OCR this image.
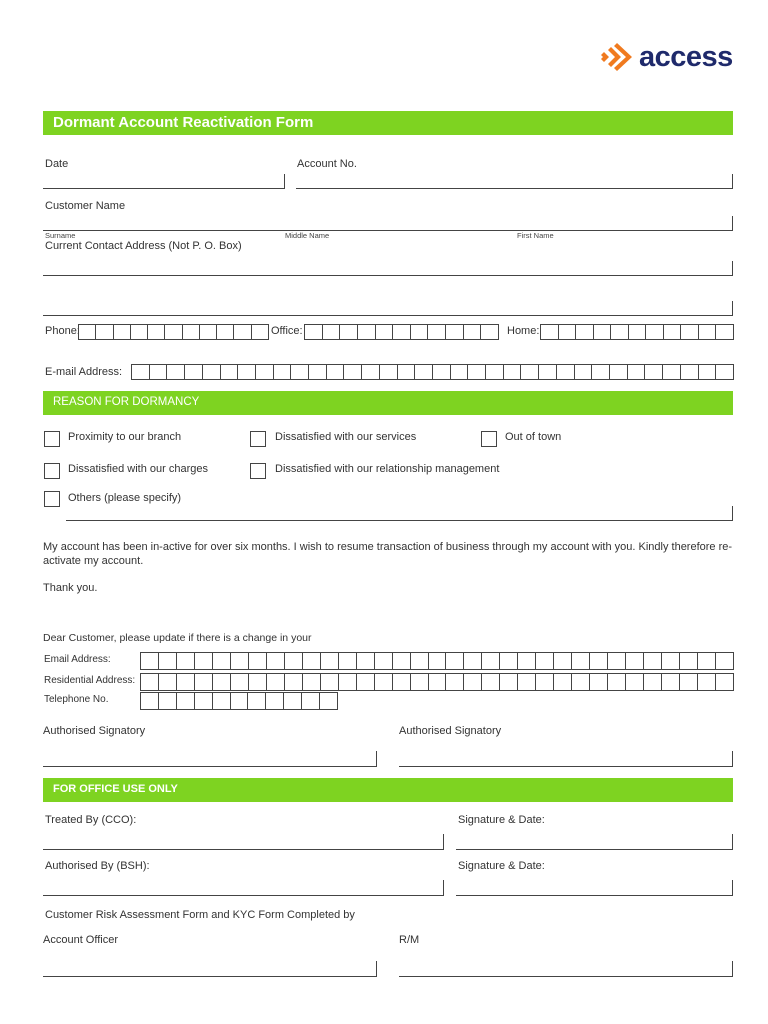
access
Dormant Account Reactivation Form
Date	Account No.
Customer Name
Surname	Middle Name	First Name
Current Contact Address (Not P. O. Box)
Phone:	Office:	Home:
E-mail Address:
REASON FOR DORMANCY
Proximity to our branch	Dissatisfied with our services	Out of town
Dissatisfied with our charges	Dissatisfied with our relationship management
Others (please specify)
My account has been in-active for over six months. I wish to resume transaction of business through my account with you. Kindly therefore re-activate my account.
Thank you.
Dear Customer, please update if there is a change in your
Email Address:
Residential Address:
Telephone No.
Authorised Signatory	Authorised Signatory
FOR OFFICE USE ONLY
Treated By (CCO):	Signature & Date:
Authorised By (BSH):	Signature & Date:
Customer Risk Assessment Form and KYC Form Completed by
Account Officer	R/M
